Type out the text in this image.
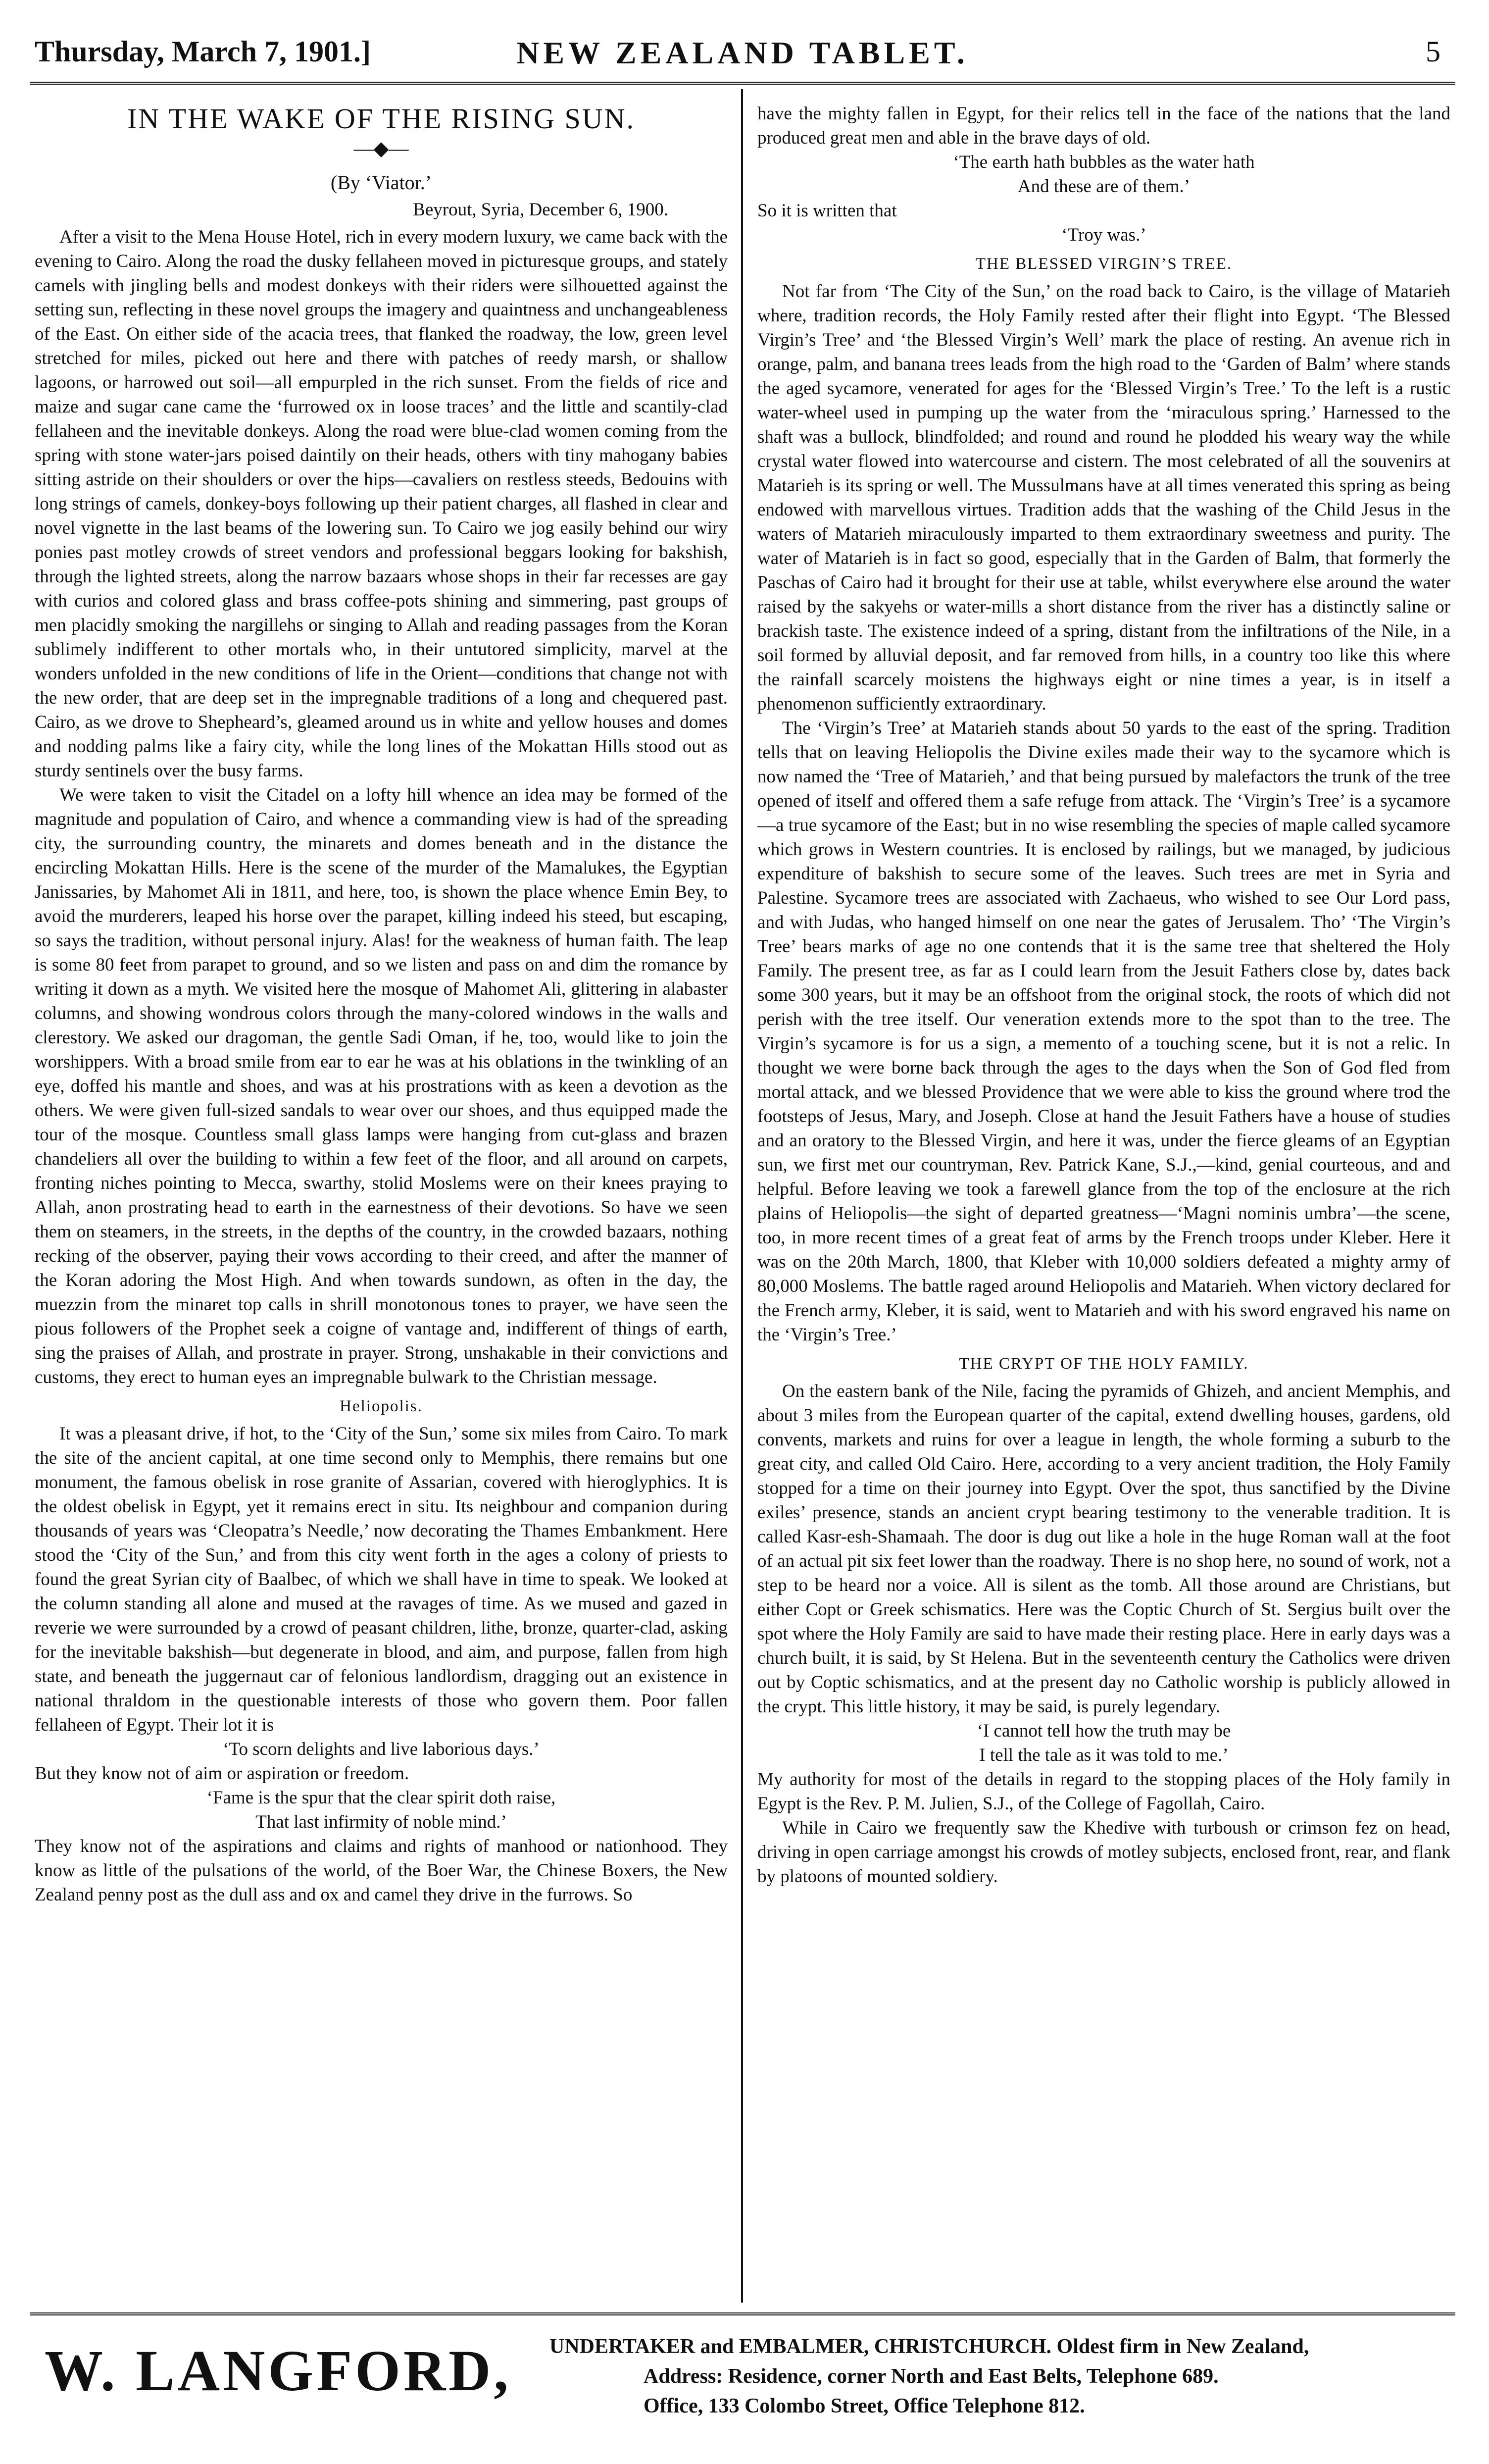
Thursday, March 7, 1901.]	NEW ZEALAND TABLET.	5

IN THE WAKE OF THE RISING SUN.

—◆—
(By ‘Viator.’
Beyrout, Syria, December 6, 1900.

After a visit to the Mena House Hotel, rich in every modern luxury, we came back with the evening to Cairo. Along the road the dusky fellaheen moved in picturesque groups, and stately camels with jingling bells and modest donkeys with their riders were silhouetted against the setting sun, reflecting in these novel groups the imagery and quaintness and unchangeableness of the East. On either side of the acacia trees, that flanked the roadway, the low, green level stretched for miles, picked out here and there with patches of reedy marsh, or shallow lagoons, or harrowed out soil—all empurpled in the rich sunset. From the fields of rice and maize and sugar cane came the ‘furrowed ox in loose traces’ and the little and scantily-clad fellaheen and the inevitable donkeys. Along the road were blue-clad women coming from the spring with stone water-jars poised daintily on their heads, others with tiny mahogany babies sitting astride on their shoulders or over the hips—cavaliers on restless steeds, Bedouins with long strings of camels, donkey-boys following up their patient charges, all flashed in clear and novel vignette in the last beams of the lowering sun. To Cairo we jog easily behind our wiry ponies past motley crowds of street vendors and professional beggars looking for bakshish, through the lighted streets, along the narrow bazaars whose shops in their far recesses are gay with curios and colored glass and brass coffee-pots shining and simmering, past groups of men placidly smoking the nargillehs or singing to Allah and reading passages from the Koran sublimely indifferent to other mortals who, in their untutored simplicity, marvel at the wonders unfolded in the new conditions of life in the Orient—conditions that change not with the new order, that are deep set in the impregnable traditions of a long and chequered past. Cairo, as we drove to Shepheard’s, gleamed around us in white and yellow houses and domes and nodding palms like a fairy city, while the long lines of the Mokattan Hills stood out as sturdy sentinels over the busy farms.

We were taken to visit the Citadel on a lofty hill whence an idea may be formed of the magnitude and population of Cairo, and whence a commanding view is had of the spreading city, the surrounding country, the minarets and domes beneath and in the distance the encircling Mokattan Hills. Here is the scene of the murder of the Mamalukes, the Egyptian Janissaries, by Mahomet Ali in 1811, and here, too, is shown the place whence Emin Bey, to avoid the murderers, leaped his horse over the parapet, killing indeed his steed, but escaping, so says the tradition, without personal injury. Alas! for the weakness of human faith. The leap is some 80 feet from parapet to ground, and so we listen and pass on and dim the romance by writing it down as a myth. We visited here the mosque of Mahomet Ali, glittering in alabaster columns, and showing wondrous colors through the many-colored windows in the walls and clerestory. We asked our dragoman, the gentle Sadi Oman, if he, too, would like to join the worshippers. With a broad smile from ear to ear he was at his oblations in the twinkling of an eye, doffed his mantle and shoes, and was at his prostrations with as keen a devotion as the others. We were given full-sized sandals to wear over our shoes, and thus equipped made the tour of the mosque. Countless small glass lamps were hanging from cut-glass and brazen chandeliers all over the building to within a few feet of the floor, and all around on carpets, fronting niches pointing to Mecca, swarthy, stolid Moslems were on their knees praying to Allah, anon prostrating head to earth in the earnestness of their devotions. So have we seen them on steamers, in the streets, in the depths of the country, in the crowded bazaars, nothing recking of the observer, paying their vows according to their creed, and after the manner of the Koran adoring the Most High. And when towards sundown, as often in the day, the muezzin from the minaret top calls in shrill monotonous tones to prayer, we have seen the pious followers of the Prophet seek a coigne of vantage and, indifferent of things of earth, sing the praises of Allah, and prostrate in prayer. Strong, unshakable in their convictions and customs, they erect to human eyes an impregnable bulwark to the Christian message.

Heliopolis.

It was a pleasant drive, if hot, to the ‘City of the Sun,’ some six miles from Cairo. To mark the site of the ancient capital, at one time second only to Memphis, there remains but one monument, the famous obelisk in rose granite of Assarian, covered with hieroglyphics. It is the oldest obelisk in Egypt, yet it remains erect in situ. Its neighbour and companion during thousands of years was ‘Cleopatra’s Needle,’ now decorating the Thames Embankment. Here stood the ‘City of the Sun,’ and from this city went forth in the ages a colony of priests to found the great Syrian city of Baalbec, of which we shall have in time to speak. We looked at the column standing all alone and mused at the ravages of time. As we mused and gazed in reverie we were surrounded by a crowd of peasant children, lithe, bronze, quarter-clad, asking for the inevitable bakshish—but degenerate in blood, and aim, and purpose, fallen from high state, and beneath the juggernaut car of felonious landlordism, dragging out an existence in national thraldom in the questionable interests of those who govern them. Poor fallen fellaheen of Egypt. Their lot it is

‘To scorn delights and live laborious days.’

But they know not of aim or aspiration or freedom.

‘Fame is the spur that the clear spirit doth raise,

That last infirmity of noble mind.’

They know not of the aspirations and claims and rights of manhood or nationhood. They know as little of the pulsations of the world, of the Boer War, the Chinese Boxers, the New Zealand penny post as the dull ass and ox and camel they drive in the furrows. So

have the mighty fallen in Egypt, for their relics tell in the face of the nations that the land produced great men and able in the brave days of old.

‘The earth hath bubbles as the water hath

And these are of them.’

So it is written that

‘Troy was.’

THE BLESSED VIRGIN’S TREE.

Not far from ‘The City of the Sun,’ on the road back to Cairo, is the village of Matarieh where, tradition records, the Holy Family rested after their flight into Egypt. ‘The Blessed Virgin’s Tree’ and ‘the Blessed Virgin’s Well’ mark the place of resting. An avenue rich in orange, palm, and banana trees leads from the high road to the ‘Garden of Balm’ where stands the aged sycamore, venerated for ages for the ‘Blessed Virgin’s Tree.’ To the left is a rustic water-wheel used in pumping up the water from the ‘miraculous spring.’ Harnessed to the shaft was a bullock, blindfolded; and round and round he plodded his weary way the while crystal water flowed into watercourse and cistern. The most celebrated of all the souvenirs at Matarieh is its spring or well. The Mussulmans have at all times venerated this spring as being endowed with marvellous virtues. Tradition adds that the washing of the Child Jesus in the waters of Matarieh miraculously imparted to them extraordinary sweetness and purity. The water of Matarieh is in fact so good, especially that in the Garden of Balm, that formerly the Paschas of Cairo had it brought for their use at table, whilst everywhere else around the water raised by the sakyehs or water-mills a short distance from the river has a distinctly saline or brackish taste. The existence indeed of a spring, distant from the infiltrations of the Nile, in a soil formed by alluvial deposit, and far removed from hills, in a country too like this where the rainfall scarcely moistens the highways eight or nine times a year, is in itself a phenomenon sufficiently extraordinary.

The ‘Virgin’s Tree’ at Matarieh stands about 50 yards to the east of the spring. Tradition tells that on leaving Heliopolis the Divine exiles made their way to the sycamore which is now named the ‘Tree of Matarieh,’ and that being pursued by malefactors the trunk of the tree opened of itself and offered them a safe refuge from attack. The ‘Virgin’s Tree’ is a sycamore—a true sycamore of the East; but in no wise resembling the species of maple called sycamore which grows in Western countries. It is enclosed by railings, but we managed, by judicious expenditure of bakshish to secure some of the leaves. Such trees are met in Syria and Palestine. Sycamore trees are associated with Zachaeus, who wished to see Our Lord pass, and with Judas, who hanged himself on one near the gates of Jerusalem. Tho’ ‘The Virgin’s Tree’ bears marks of age no one contends that it is the same tree that sheltered the Holy Family. The present tree, as far as I could learn from the Jesuit Fathers close by, dates back some 300 years, but it may be an offshoot from the original stock, the roots of which did not perish with the tree itself. Our veneration extends more to the spot than to the tree. The Virgin’s sycamore is for us a sign, a memento of a touching scene, but it is not a relic. In thought we were borne back through the ages to the days when the Son of God fled from mortal attack, and we blessed Providence that we were able to kiss the ground where trod the footsteps of Jesus, Mary, and Joseph. Close at hand the Jesuit Fathers have a house of studies and an oratory to the Blessed Virgin, and here it was, under the fierce gleams of an Egyptian sun, we first met our countryman, Rev. Patrick Kane, S.J.,—kind, genial courteous, and and helpful. Before leaving we took a farewell glance from the top of the enclosure at the rich plains of Heliopolis—the sight of departed greatness—‘Magni nominis umbra’—the scene, too, in more recent times of a great feat of arms by the French troops under Kleber. Here it was on the 20th March, 1800, that Kleber with 10,000 soldiers defeated a mighty army of 80,000 Moslems. The battle raged around Heliopolis and Matarieh. When victory declared for the French army, Kleber, it is said, went to Matarieh and with his sword engraved his name on the ‘Virgin’s Tree.’

THE CRYPT OF THE HOLY FAMILY.

On the eastern bank of the Nile, facing the pyramids of Ghizeh, and ancient Memphis, and about 3 miles from the European quarter of the capital, extend dwelling houses, gardens, old convents, markets and ruins for over a league in length, the whole forming a suburb to the great city, and called Old Cairo. Here, according to a very ancient tradition, the Holy Family stopped for a time on their journey into Egypt. Over the spot, thus sanctified by the Divine exiles’ presence, stands an ancient crypt bearing testimony to the venerable tradition. It is called Kasr-esh-Shamaah. The door is dug out like a hole in the huge Roman wall at the foot of an actual pit six feet lower than the roadway. There is no shop here, no sound of work, not a step to be heard nor a voice. All is silent as the tomb. All those around are Christians, but either Copt or Greek schismatics. Here was the Coptic Church of St. Sergius built over the spot where the Holy Family are said to have made their resting place. Here in early days was a church built, it is said, by St Helena. But in the seventeenth century the Catholics were driven out by Coptic schismatics, and at the present day no Catholic worship is publicly allowed in the crypt. This little history, it may be said, is purely legendary.

‘I cannot tell how the truth may be

I tell the tale as it was told to me.’

My authority for most of the details in regard to the stopping places of the Holy family in Egypt is the Rev. P. M. Julien, S.J., of the College of Fagollah, Cairo.

While in Cairo we frequently saw the Khedive with turboush or crimson fez on head, driving in open carriage amongst his crowds of motley subjects, enclosed front, rear, and flank by platoons of mounted soldiery.

W. LANGFORD, UNDERTAKER and EMBALMER, CHRISTCHURCH. Oldest firm in New Zealand,
Address: Residence, corner North and East Belts, Telephone 689.
Office, 133 Colombo Street, Office Telephone 812.
